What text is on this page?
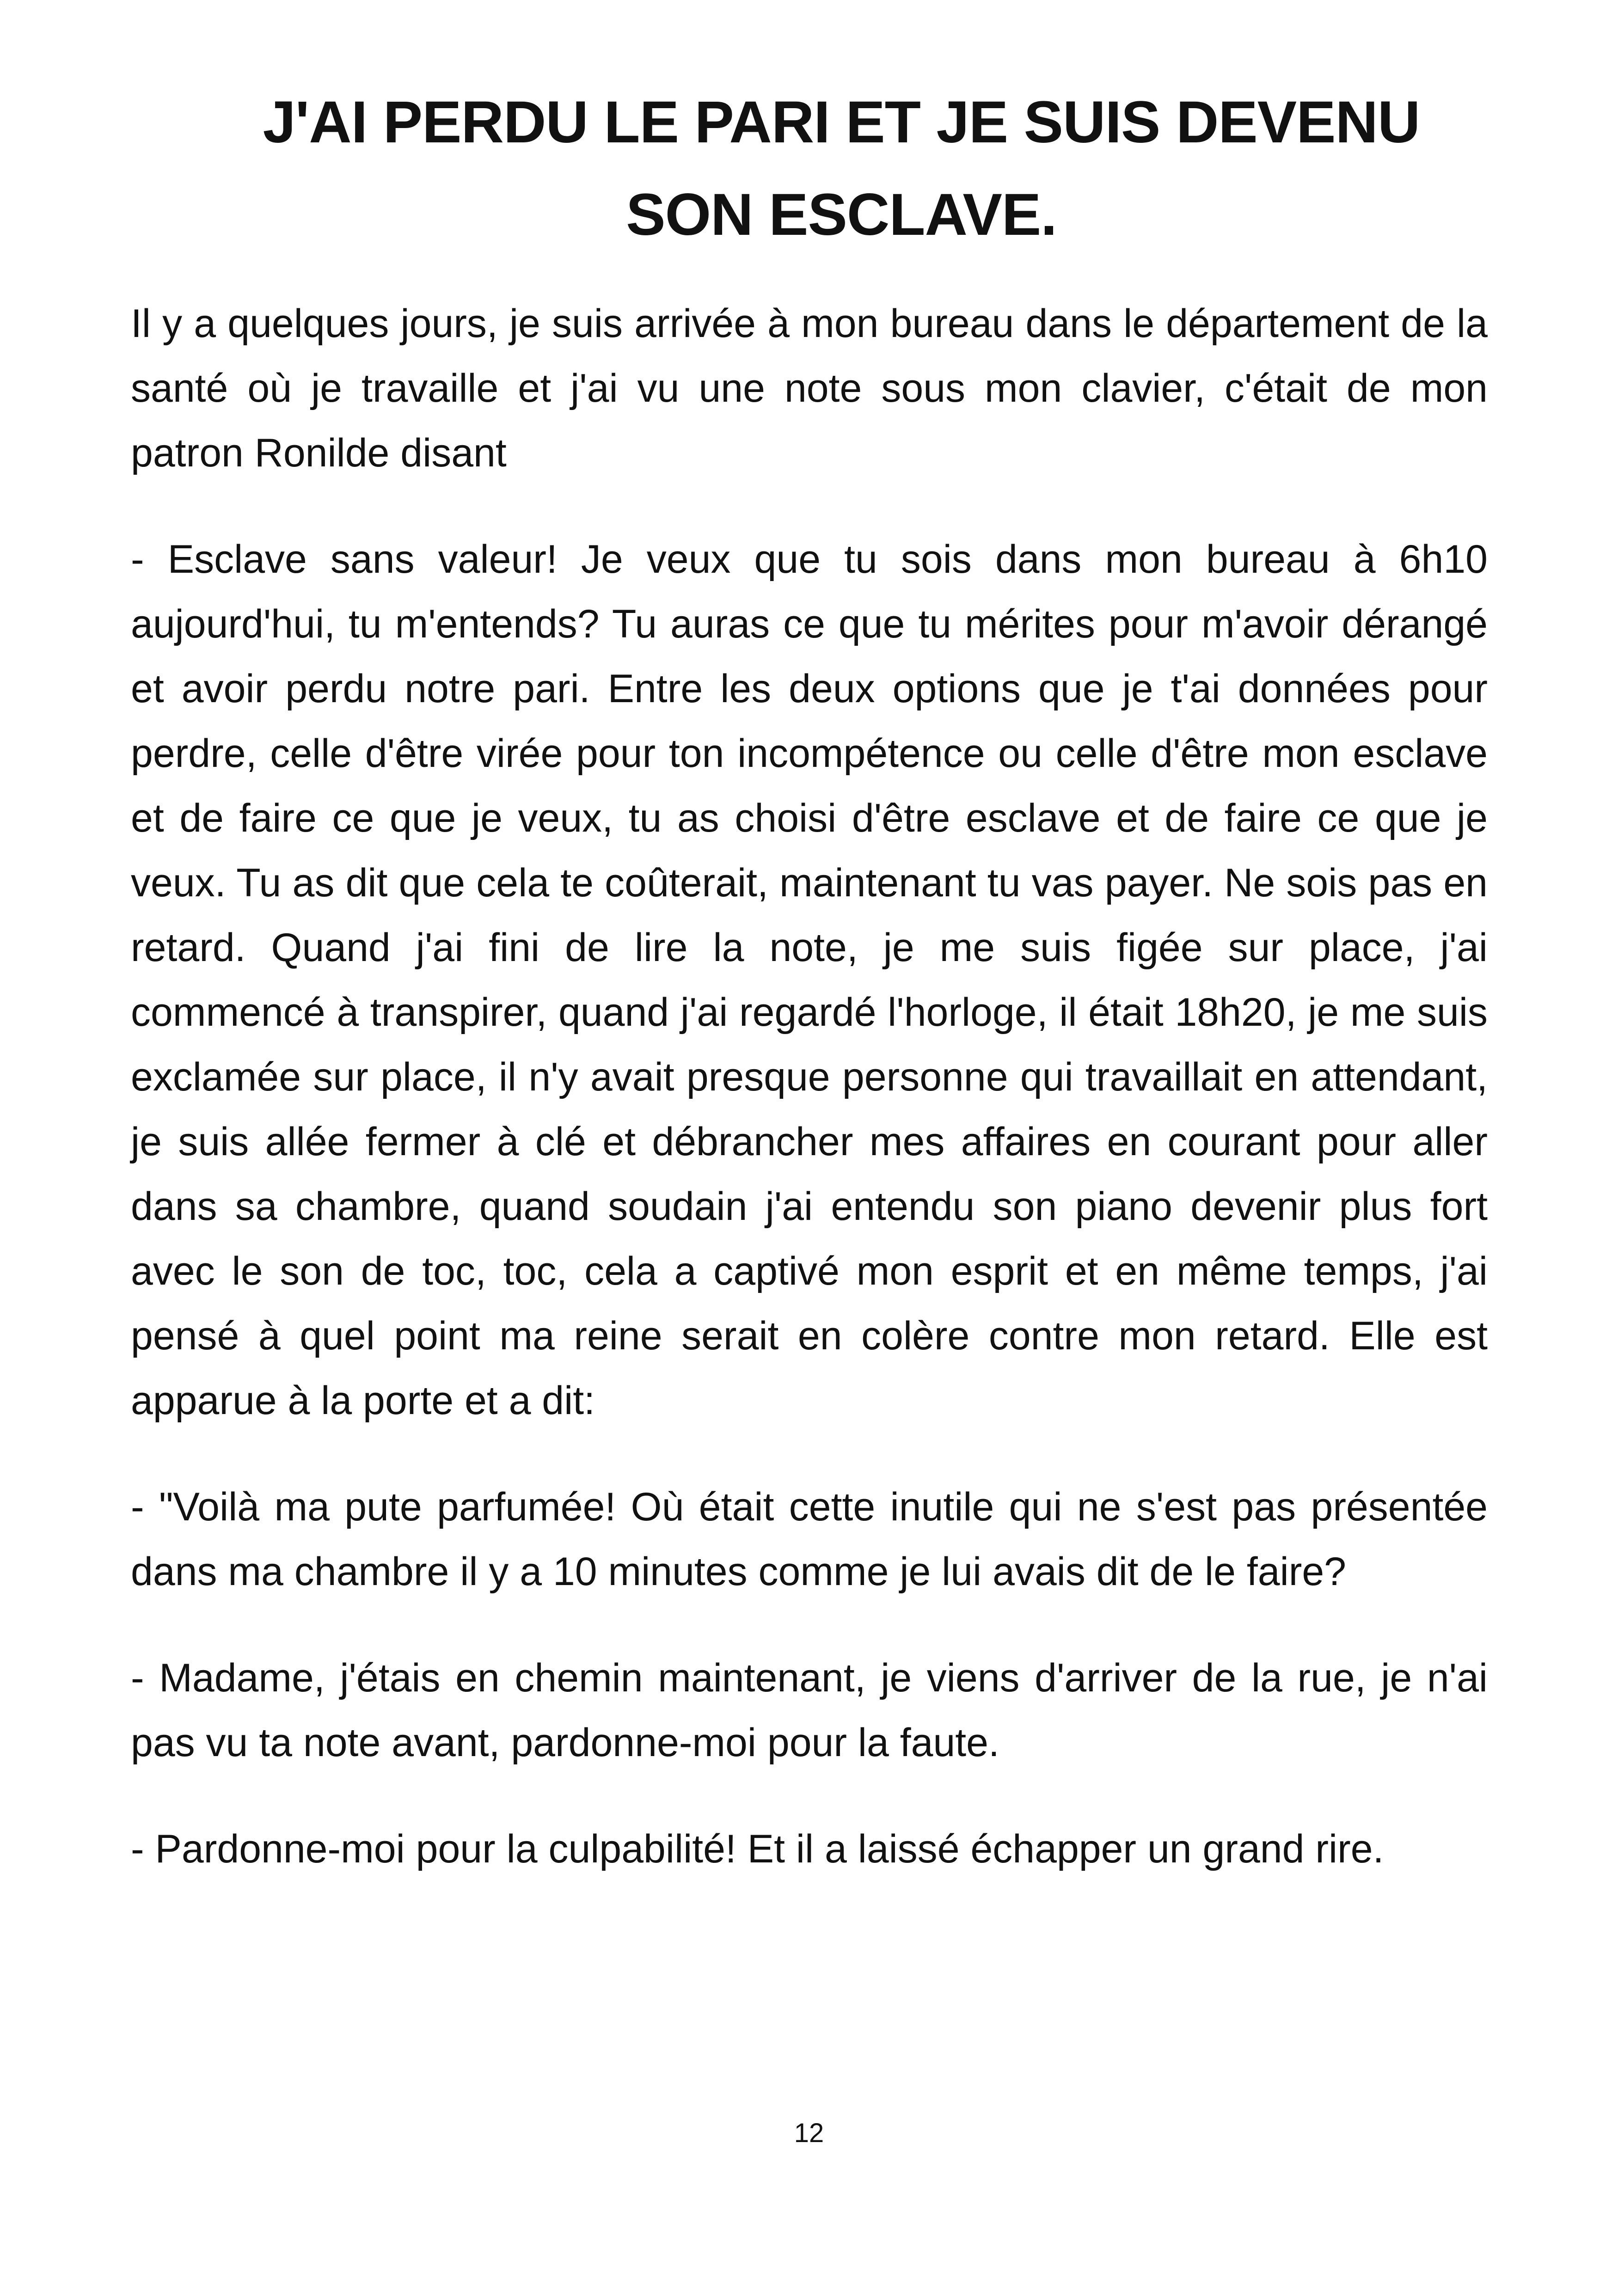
J'AI PERDU LE PARI ET JE SUIS DEVENU SON ESCLAVE.

Il y a quelques jours, je suis arrivée à mon bureau dans le département de la santé où je travaille et j'ai vu une note sous mon clavier, c'était de mon patron Ronilde disant

- Esclave sans valeur! Je veux que tu sois dans mon bureau à 6h10 aujourd'hui, tu m'entends? Tu auras ce que tu mérites pour m'avoir dérangé et avoir perdu notre pari. Entre les deux options que je t'ai données pour perdre, celle d'être virée pour ton incompétence ou celle d'être mon esclave et de faire ce que je veux, tu as choisi d'être esclave et de faire ce que je veux. Tu as dit que cela te coûterait, maintenant tu vas payer. Ne sois pas en retard. Quand j'ai fini de lire la note, je me suis figée sur place, j'ai commencé à transpirer, quand j'ai regardé l'horloge, il était 18h20, je me suis exclamée sur place, il n'y avait presque personne qui travaillait en attendant, je suis allée fermer à clé et débrancher mes affaires en courant pour aller dans sa chambre, quand soudain j'ai entendu son piano devenir plus fort avec le son de toc, toc, cela a captivé mon esprit et en même temps, j'ai pensé à quel point ma reine serait en colère contre mon retard. Elle est apparue à la porte et a dit:

- "Voilà ma pute parfumée! Où était cette inutile qui ne s'est pas présentée dans ma chambre il y a 10 minutes comme je lui avais dit de le faire?

- Madame, j'étais en chemin maintenant, je viens d'arriver de la rue, je n'ai pas vu ta note avant, pardonne-moi pour la faute.

- Pardonne-moi pour la culpabilité! Et il a laissé échapper un grand rire.

12
